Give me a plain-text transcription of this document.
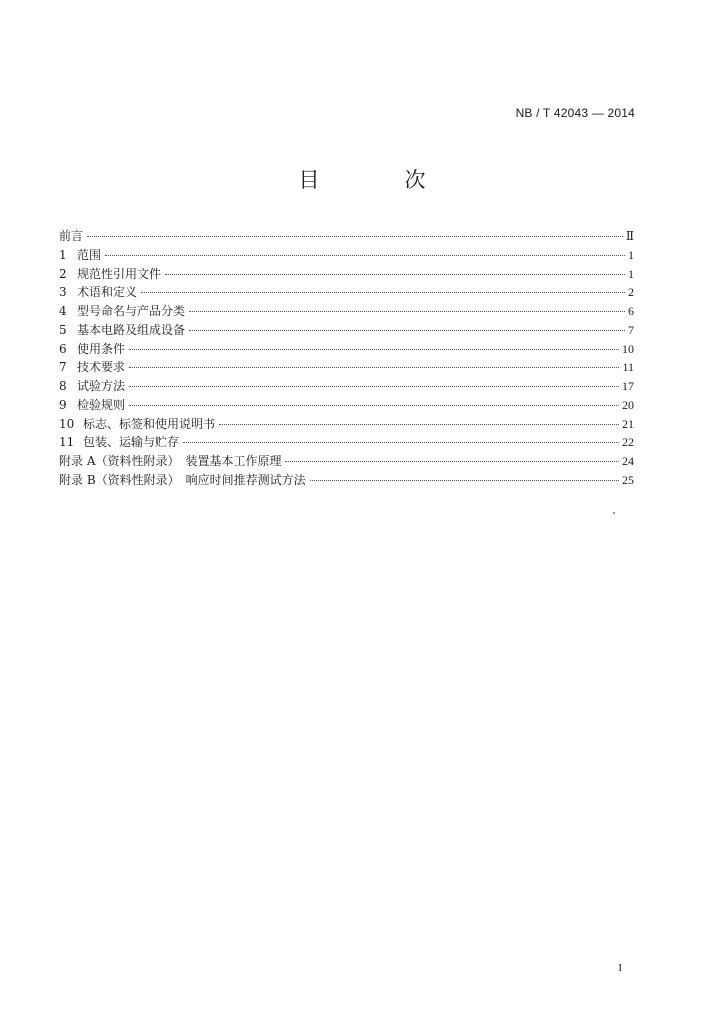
NB / T 42043 — 2014
目　次
前言	Ⅱ
1 范围	1
2 规范性引用文件	1
3 术语和定义	2
4 型号命名与产品分类	6
5 基本电路及组成设备	7
6 使用条件	10
7 技术要求	11
8 试验方法	17
9 检验规则	20
10 标志、标签和使用说明书	21
11 包装、运输与贮存	22
附录 A（资料性附录）　装置基本工作原理	24
附录 B（资料性附录）　响应时间推荐测试方法	25
I
